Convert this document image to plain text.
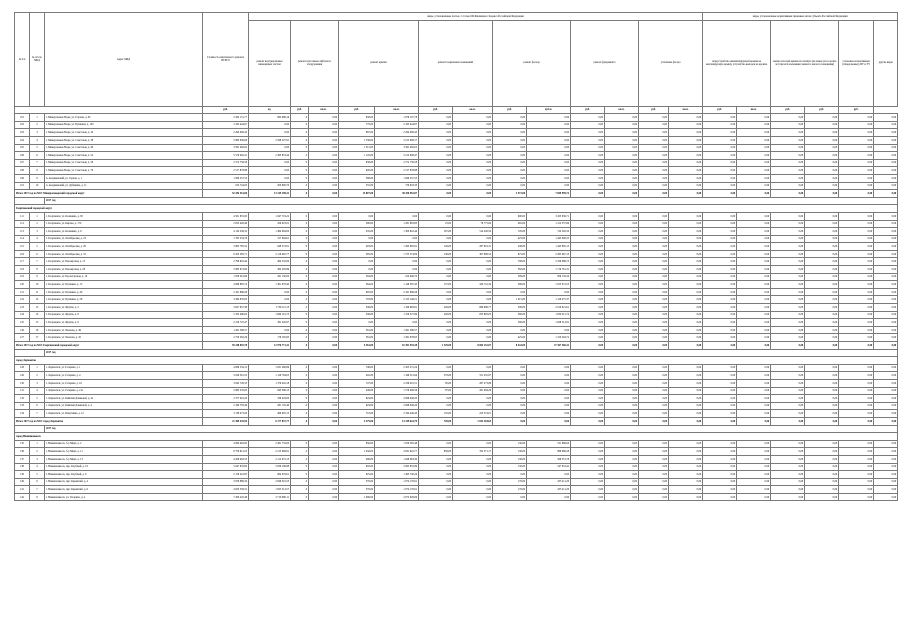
№ п/п	№ п/п по МКД	Адрес МКД	Стоимость капитального ремонта ВСЕГО	виды, установленные частью 1 статьи 166 Жилищного Кодекса Российской Федерации													виды, установленные нормативным правовым актом субъекта Российской Федерации					
				ремонт внутридомовых инженерных систем	ремонт или замена лифтового оборудования		ремонт крыши		ремонт подвальных помещений		ремонт фасада		ремонт фундамента		утепление фасада		переустройство невентилируемой крыши на вентилируемую крышу, устройство выходов на кровлю		замена плоской крыши на скатную (не менее раз в десять лет при использовании заемного жилого помещения)		установка коллективных (общедомовых) ПУ и УУ	другие виды
			руб.	ед.	руб.	кв.м.	руб.	кв.м.	руб.	кв.м.	руб.	куб.м.	руб.	кв.м.	руб.	кв.м.	руб.	кв.м.	руб.	руб.	руб.	
101	1	г. Минеральные Воды, ул. Горская, д. 63	2 582 151,77	682 986,16	0	0,00	930,00	1 878 107,78	0,00	0,00	0,00	0,00	0,00	0,00	0,00	0,00	0,00	0,00	0,00	0,00	0,00	0,00
102	2	г. Минеральные Воды, ул. Пушкина, д. 103	2 165 444,67	0,00	0	0,00	770,00	2 165 444,67	0,00	0,00	0,00	0,00	0,00	0,00	0,00	0,00	0,00	0,00	0,00	0,00	0,00	0,00
103	3	г. Минеральные Воды, ул. Советская, д. 34	2 294 006,43	0,00	0	0,00	887,00	2 294 006,43	0,00	0,00	0,00	0,00	0,00	0,00	0,00	0,00	0,00	0,00	0,00	0,00	0,00	0,00
104	4	г. Минеральные Воды, ул. Советская, д. 38	5 983 936,08	2 568 327,91	0	0,00	1 336,00	3 215 608,17	0,00	0,00	0,00	0,00	0,00	0,00	0,00	0,00	0,00	0,00	0,00	0,00	0,00	0,00
105	5	г. Минеральные Воды, ул. Советская, д. 46	3 591 482,02	0,00	0	0,00	1 315,00	3 591 482,02	0,00	0,00	0,00	0,00	0,00	0,00	0,00	0,00	0,00	0,00	0,00	0,00	0,00	0,00
106	6	г. Минеральные Воды, ул. Советская, д. 52	5 576 462,41	2 363 853,44	0	0,00	1 145,00	3 212 608,47	0,00	0,00	0,00	0,00	0,00	0,00	0,00	0,00	0,00	0,00	0,00	0,00	0,00	0,00
107	7	г. Минеральные Воды, ул. Советская, д. 58	2 572 756,58	0,00	0	0,00	938,00	2 572 756,58	0,00	0,00	0,00	0,00	0,00	0,00	0,00	0,00	0,00	0,00	0,00	0,00	0,00	0,00
108	8	г. Минеральные Воды, ул. Советская, д. 79	2 517 878,88	0,00	0	0,00	920,00	2 517 878,88	0,00	0,00	0,00	0,00	0,00	0,00	0,00	0,00	0,00	0,00	0,00	0,00	0,00	0,00
109	9	п. Анджиевский, ул. Горная, д. 1	1 069 257,53	0,00	0	0,00	388,00	1 069 257,53	0,00	0,00	0,00	0,00	0,00	0,00	0,00	0,00	0,00	0,00	0,00	0,00	0,00	0,00
110	10	п. Анджиевский, ул. Дубинина, д. 11	913 744,03	200 800,70	0	0,00	255,00	750 943,33	0,00	0,00	0,00	0,00	0,00	0,00	0,00	0,00	0,00	0,00	0,00	0,00	0,00	0,00
Итого 2017 год по МО: Минераловодский городской округ			52 184 361,00	13 145 198,41	0	0,00	13 807,00	38 350 962,87	0,00	0,00	2 572,00	7 609 999,72	0,00	0,00	0,00	0,00	0,00	0,00	0,00	0,00	0,00	0,00
		2017 год																				
Георгиевский городской округ																						
111	1	г. Георгиевск, ул. Калинина, д. 95	4 501 655,93	1 047 719,22	0	0,00	0,00	0,00	0,00	0,00	900,00	3 453 936,71	0,00	0,00	0,00	0,00	0,00	0,00	0,00	0,00	0,00	0,00
112	2	г. Георгиевск, ул. Кирова, д. 170	2 653 426,49	459 023,01	0	0,00	396,00	1 281 863,83	25,00	76 775,84	465,00	1 212 357,69	0,00	0,00	0,00	0,00	0,00	0,00	0,00	0,00	0,00	0,00
113	3	г. Георгиевск, ул. Калинина, д. 6	4 134 236,32	1 484 094,00	0	0,00	435,00	1 300 822,44	167,00	514 226,50	720,00	724 592,50	0,00	0,00	0,00	0,00	0,00	0,00	0,00	0,00	0,00	0,00
114	4	г. Георгиевск, ул. Октябрьская, д. 23	1 763 234,78	317 694,61	0	0,00	0,00	0,00	0,00	0,00	425,00	1 445 800,25	0,00	0,00	0,00	0,00	0,00	0,00	0,00	0,00	0,00	0,00
115	5	г. Георгиевск, ул. Октябрьская, д. 29	3 803 765,52	648 374,81	0	0,00	403,00	1 263 695,81	126,00	287 919,31	436,00	1 443 885,15	0,00	0,00	0,00	0,00	0,00	0,00	0,00	0,00	0,00	0,00
116	6	г. Георгиевск, ул. Октябрьская, д. 55	6 453 285,71	2 116 465,77	0	0,00	585,00	1 755 374,09	136,00	397 698,53	675,00	2 285 067,13	0,00	0,00	0,00	0,00	0,00	0,00	0,00	0,00	0,00	0,00
117	7	г. Георгиевск, ул. Пионерская, д. 15	2 796 616,44	464 532,00	0	0,00	0,00	0,00	0,00	0,00	706,00	2 326 086,75	0,00	0,00	0,00	0,00	0,00	0,00	0,00	0,00	0,00	0,00
118	8	г. Георгиевск, ул. Пионерская, д. 28	2 083 972,60	362 205,89	0	0,00	0,00	0,00	0,00	0,00	382,00	1 719 761,31	0,00	0,00	0,00	0,00	0,00	0,00	0,00	0,00	0,00	0,00
119	9	г. Георгиевск, ул. Пролетарская, д. 19	1 058 291,66	291 130,00	0	0,00	304,00	914 946,70	0,00	0,00	309,00	859 159,34	0,00	0,00	0,00	0,00	0,00	0,00	0,00	0,00	0,00	0,00
120	10	г. Георгиевск, ул. Пушкина, д. 15	4 098 885,74	1 391 678,40	0	0,00	364,00	1 148 587,43	157,00	434 741,34	306,00	1 813 072,53	0,00	0,00	0,00	0,00	0,00	0,00	0,00	0,00	0,00	0,00
121	11	г. Георгиевск, ул. Пушкина, д. 40	2 161 896,28	0,00	0	0,00	695,00	2 161 896,28	0,00	0,00	0,00	0,00	0,00	0,00	0,00	0,00	0,00	0,00	0,00	0,00	0,00	0,00
122	12	г. Георгиевск, ул. Пушкина, д. 58	3 284 635,85	0,00	0	0,00	703,00	2 155 148,21	0,00	0,00	1 015,00	1 129 475,37	0,00	0,00	0,00	0,00	0,00	0,00	0,00	0,00	0,00	0,00
123	13	г. Георгиевск, ул. Фрунзе, д. 2	3 627 957,38	1 739 115,13	0	0,00	346,00	1 169 863,81	226,00	689 986,77	300,00	2 019 821,91	0,00	0,00	0,00	0,00	0,00	0,00	0,00	0,00	0,00	0,00
124	14	г. Георгиевск, ул. Фрунзе, д. 8	5 352 496,03	1 660 161,73	0	0,00	346,00	1 159 527,89	226,00	653 695,05	390,00	1 859 011,74	0,00	0,00	0,00	0,00	0,00	0,00	0,00	0,00	0,00	0,00
125	15	г. Георгиевск, ул. Фрунзе, д. 9	2 219 725,47	391 220,97	0	0,00	0,00	0,00	0,00	0,00	500,00	1 828 512,81	0,00	0,00	0,00	0,00	0,00	0,00	0,00	0,00	0,00	0,00
126	16	г. Георгиевск, ул. Чкалова, д. 49	1 261 306,57	0,00	0	0,00	381,00	1 261 306,57	0,00	0,00	0,00	0,00	0,00	0,00	0,00	0,00	0,00	0,00	0,00	0,00	0,00	0,00
127	17	г. Георгиевск, ул. Чкалова, д. 45	2 750 282,26	178 165,85	0	0,00	381,00	1 261 678,65	0,00	0,00	425,00	1 310 294,72	0,00	0,00	0,00	0,00	0,00	0,00	0,00	0,00	0,00	0,00
Итого 2017 год по МО: Георгиевский городской округ			59 248 092,78	12 976 771,41	0	0,00	5 481,00	16 391 935,38	1 329,00	8 064 152,07	8 443,00	27 367 360,41	0,00	0,00	0,00	0,00	0,00	0,00	0,00	0,00	0,00	0,00
		2017 год																				
город Лермонтов																						
128	1	г. Лермонтов, ул. Гагарина, д. 1	4 086 534,15	1 631 266,89	0	0,00	746,00	2 455 272,24	0,00	0,00	0,00	0,00	0,00	0,00	0,00	0,00	0,00	0,00	0,00	0,00	0,00	0,00
129	2	г. Лермонтов, ул. Гагарина, д. 4	3 026 561,53	1 128 794,05	0	0,00	402,00	1 346 312,64	576,00	551 455,97	0,00	0,00	0,00	0,00	0,00	0,00	0,00	0,00	0,00	0,00	0,00	0,00
130	3	г. Лермонтов, ул. Гагарина, д. 16	3 845 726,53	1 379 445,18	0	0,00	747,00	2 238 401,51	85,00	287 273,89	0,00	0,00	0,00	0,00	0,00	0,00	0,00	0,00	0,00	0,00	0,00	0,00
131	4	г. Лермонтов, ул. Гагарина, д. 21а	2 683 235,95	843 386,13	0	0,00	446,00	1 578 406,56	87,00	261 484,26	0,00	0,00	0,00	0,00	0,00	0,00	0,00	0,00	0,00	0,00	0,00	0,00
132	5	г. Лермонтов, ул. Княгини Дашковой, д. 4а	2 377 491,20	339 443,00	0	0,00	624,00	2 068 048,20	0,00	0,00	0,00	0,00	0,00	0,00	0,00	0,00	0,00	0,00	0,00	0,00	0,00	0,00
133	6	г. Лермонтов, ул. Княгини Дашковой, д. 4	2 349 793,49	281 745,40	0	0,00	624,00	2 068 048,20	0,00	0,00	0,00	0,00	0,00	0,00	0,00	0,00	0,00	0,00	0,00	0,00	0,00	0,00
134	7	г. Лермонтов, ул. Решетника, д. 12	3 138 473,20	469 905,15	0	0,00	718,00	2 194 446,43	155,00	223 374,01	0,00	0,00	0,00	0,00	0,00	0,00	0,00	0,00	0,00	0,00	0,00	0,00
Итого 2017 год по МО: город Лермонтов			21 369 435,94	6 177 837,77	0	0,00	4 379,00	14 149 624,79	720,00	1 042 304,65	0,00	0,00	0,00	0,00	0,00	0,00	0,00	0,00	0,00	0,00	0,00	0,00
		2017 год																				
город Невинномысск																						
135	1	г. Невинномысск, б-р Мира, д. 2	4 060 462,85	2 481 733,00	0	0,00	856,00	1 059 565,48	0,00	0,00	130,00	521 868,04	0,00	0,00	0,00	0,00	0,00	0,00	0,00	0,00	0,00	0,00
136	2	г. Невинномысск, б-р Мира, д. 11	8 759 912,23	2 213 069,91	0	0,00	1 456,00	4 931 922,77	856,00	762 371,17	130,00	899 966,28	0,00	0,00	0,00	0,00	0,00	0,00	0,00	0,00	0,00	0,00
137	3	г. Невинномысск, б-р Мира, д. 13	4 209 482,53	2 112 972,13	0	0,00	486,00	1 648 063,30	0,00	0,00	130,00	568 351,78	0,00	0,00	0,00	0,00	0,00	0,00	0,00	0,00	0,00	0,00
138	4	г. Невинномысск, пер. Клубный, д. 19	5 647 676,60	3 036 166,88	0	0,00	902,00	2 063 855,89	0,00	0,00	130,00	547 653,42	0,00	0,00	0,00	0,00	0,00	0,00	0,00	0,00	0,00	0,00
139	5	г. Невинномысск, пер. Клубный, д. 9	2 158 416,85	664 676,61	0	0,00	825,00	1 493 740,26	0,00	0,00	0,00	0,00	0,00	0,00	0,00	0,00	0,00	0,00	0,00	0,00	0,00	0,00
140	6	г. Невинномысск, пер. Крымский, д. 4	3 976 889,34	2 846 301,53	0	0,00	376,00	1 074 176,61	0,00	0,00	176,00	453 411,20	0,00	0,00	0,00	0,00	0,00	0,00	0,00	0,00	0,00	0,00
141	7	г. Невинномысск, пер. Крымский, д. 6	4 953 558,31	1 825 514,57	0	0,00	376,00	1 074 176,61	0,00	0,00	176,00	453 411,20	0,00	0,00	0,00	0,00	0,00	0,00	0,00	0,00	0,00	0,00
142	8	г. Невинномысск, ул. Гагарина, д. 4	7 209 245,46	2 716 806,11	0	0,00	1 096,00	2 672 929,09	0,00	0,00	0,00	0,00	0,00	0,00	0,00	0,00	0,00	0,00	0,00	0,00	0,00	0,00
